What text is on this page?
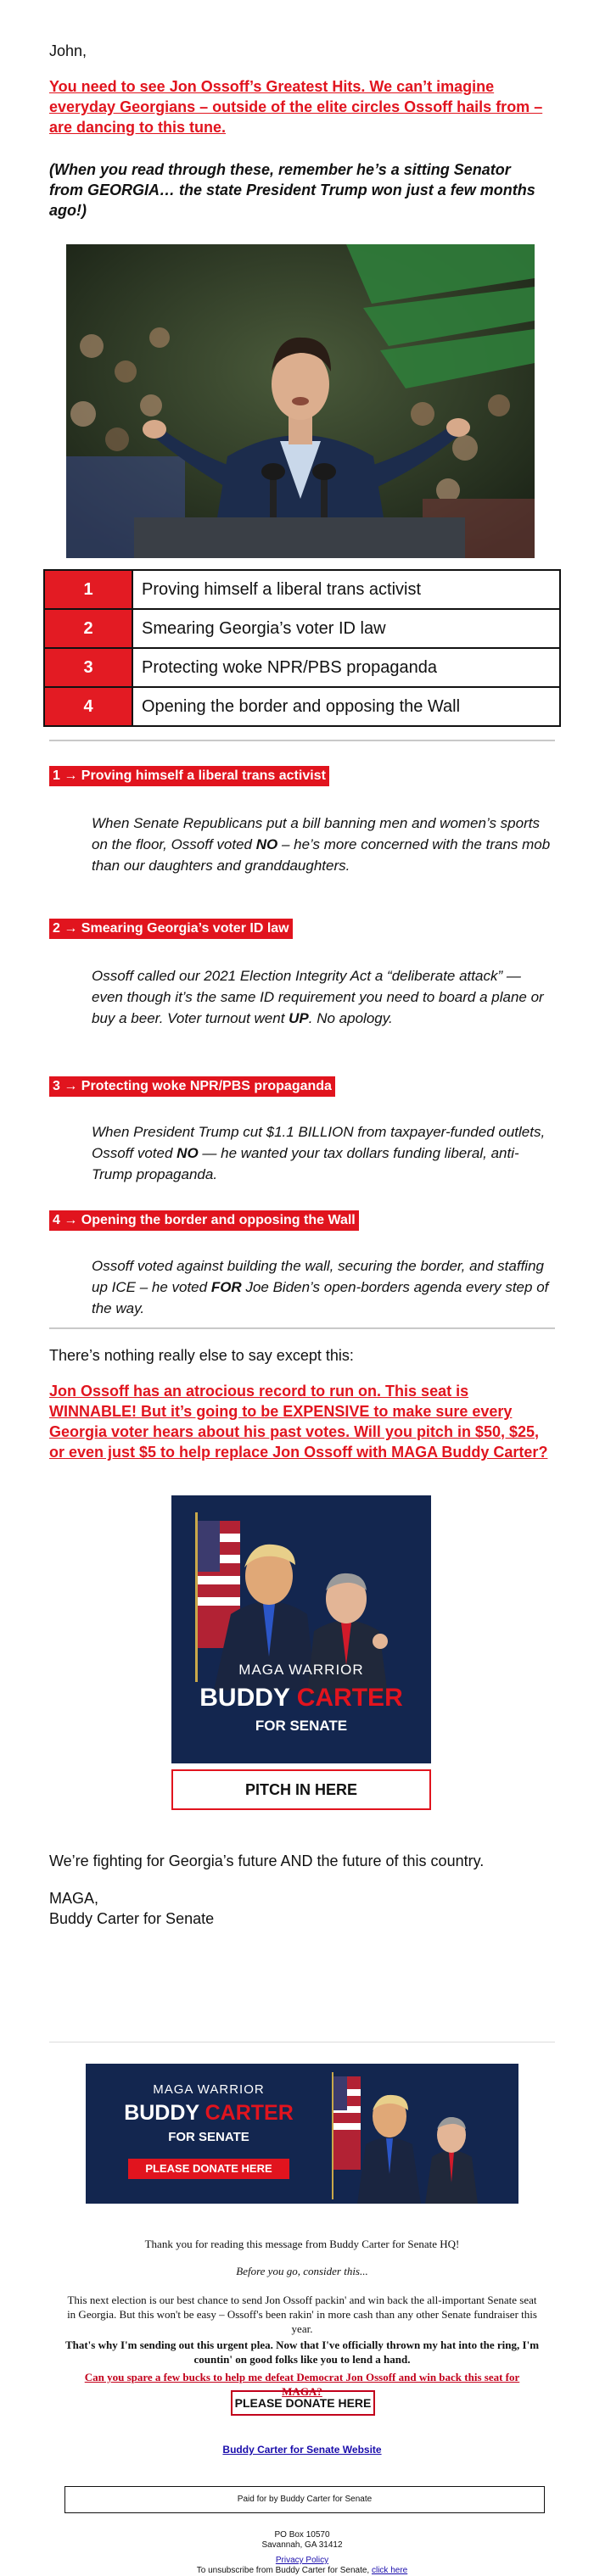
John,

You need to see Jon Ossoff’s Greatest Hits. We can’t imagine everyday Georgians – outside of the elite circles Ossoff hails from – are dancing to this tune.

(When you read through these, remember he’s a sitting Senator from GEORGIA… the state President Trump won just a few months ago!)

1	Proving himself a liberal trans activist
2	Smearing Georgia’s voter ID law
3	Protecting woke NPR/PBS propaganda
4	Opening the border and opposing the Wall
1 → Proving himself a liberal trans activist

When Senate Republicans put a bill banning men and women’s sports on the floor, Ossoff voted NO – he’s more concerned with the trans mob than our daughters and granddaughters.

2 → Smearing Georgia’s voter ID law

Ossoff called our 2021 Election Integrity Act a “deliberate attack” — even though it’s the same ID requirement you need to board a plane or buy a beer. Voter turnout went UP. No apology.

3 → Protecting woke NPR/PBS propaganda

When President Trump cut $1.1 BILLION from taxpayer-funded outlets, Ossoff voted NO — he wanted your tax dollars funding liberal, anti-Trump propaganda.

4 → Opening the border and opposing the Wall

Ossoff voted against building the wall, securing the border, and staffing up ICE – he voted FOR Joe Biden’s open-borders agenda every step of the way.

There’s nothing really else to say except this:

Jon Ossoff has an atrocious record to run on. This seat is WINNABLE! But it’s going to be EXPENSIVE to make sure every Georgia voter hears about his past votes. Will you pitch in $50, $25, or even just $5 to help replace Jon Ossoff with MAGA Buddy Carter?

MAGA WARRIOR
BUDDY CARTER
FOR SENATE
PITCH IN HERE

We’re fighting for Georgia’s future AND the future of this country.

MAGA,

Buddy Carter for Senate

MAGA WARRIOR
BUDDY CARTER
FOR SENATE
PLEASE DONATE HERE

Thank you for reading this message from Buddy Carter for Senate HQ!

Before you go, consider this...

This next election is our best chance to send Jon Ossoff packin' and win back the all-important Senate seat in Georgia. But this won't be easy – Ossoff's been rakin' in more cash than any other Senate fundraiser this year.

That's why I'm sending out this urgent plea. Now that I've officially thrown my hat into the ring, I'm countin' on good folks like you to lend a hand.

Can you spare a few bucks to help me defeat Democrat Jon Ossoff and win back this seat for MAGA?

PLEASE DONATE HERE

Buddy Carter for Senate Website

Paid for by Buddy Carter for Senate

PO Box 10570

Savannah, GA 31412

Privacy Policy

To unsubscribe from Buddy Carter for Senate, click here
